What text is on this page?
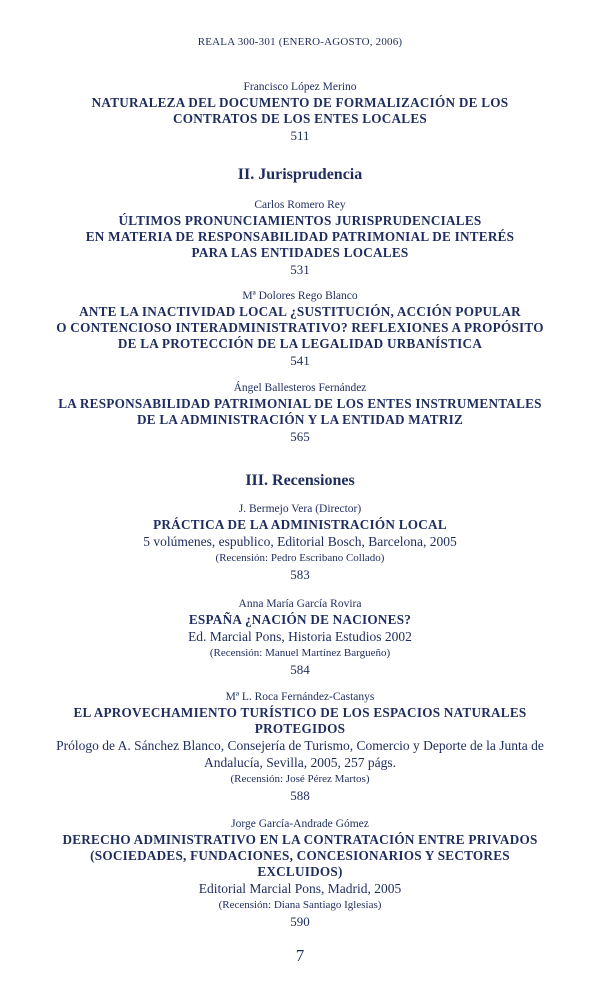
REALA 300-301 (ENERO-AGOSTO, 2006)
Francisco López Merino
NATURALEZA DEL DOCUMENTO DE FORMALIZACIÓN DE LOS
CONTRATOS DE LOS ENTES LOCALES
511
II. Jurisprudencia
Carlos Romero Rey
ÚLTIMOS PRONUNCIAMIENTOS JURISPRUDENCIALES
EN MATERIA DE RESPONSABILIDAD PATRIMONIAL DE INTERÉS
PARA LAS ENTIDADES LOCALES
531
Mª Dolores Rego Blanco
ANTE LA INACTIVIDAD LOCAL ¿SUSTITUCIÓN, ACCIÓN POPULAR
O CONTENCIOSO INTERADMINISTRATIVO? REFLEXIONES A PROPÓSITO
DE LA PROTECCIÓN DE LA LEGALIDAD URBANÍSTICA
541
Ángel Ballesteros Fernández
LA RESPONSABILIDAD PATRIMONIAL DE LOS ENTES INSTRUMENTALES
DE LA ADMINISTRACIÓN Y LA ENTIDAD MATRIZ
565
III. Recensiones
J. Bermejo Vera (Director)
PRÁCTICA DE LA ADMINISTRACIÓN LOCAL
5 volúmenes, espublico, Editorial Bosch, Barcelona, 2005
(Recensión: Pedro Escribano Collado)
583
Anna María García Rovira
ESPAÑA ¿NACIÓN DE NACIONES?
Ed. Marcial Pons, Historia Estudios 2002
(Recensión: Manuel Martínez Bargueño)
584
Mª L. Roca Fernández-Castanys
EL APROVECHAMIENTO TURÍSTICO DE LOS ESPACIOS NATURALES
PROTEGIDOS
Prólogo de A. Sánchez Blanco, Consejería de Turismo, Comercio y Deporte de la Junta de
Andalucía, Sevilla, 2005, 257 págs.
(Recensión: José Pérez Martos)
588
Jorge García-Andrade Gómez
DERECHO ADMINISTRATIVO EN LA CONTRATACIÓN ENTRE PRIVADOS
(SOCIEDADES, FUNDACIONES, CONCESIONARIOS Y SECTORES
EXCLUIDOS)
Editorial Marcial Pons, Madrid, 2005
(Recensión: Diana Santiago Iglesias)
590
7
